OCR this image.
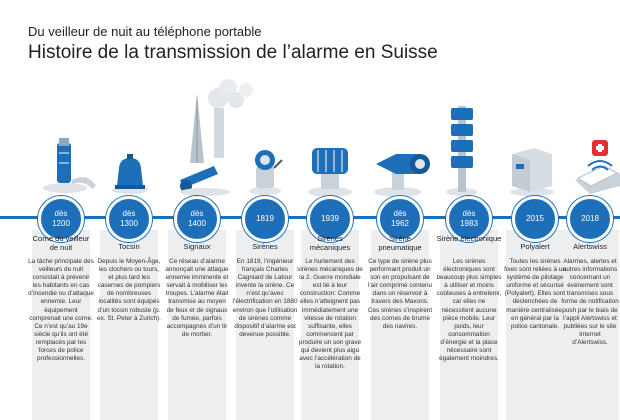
Du veilleur de nuit au téléphone portable
Histoire de la transmission de l’alarme en Suisse
dès
1200
Corne du veilleur de nuit
La tâche principale des veilleurs de nuit consistait à prévenir les habitants en cas d’incendie ou d’attaque ennemie. Leur équipement comprenait une corne. Ce n’est qu’au 19e siècle qu’ils ont été remplacés par les forces de police professionnelles.
dès
1300
Tocsin
Depuis le Moyen-Âge, les clochers ou tours, et plus tard les casernes de pompiers de nombreuses localités sont équipés d’un tocsin robuste (p. ex. St. Peter à Zurich).
dès
1400
Signaux
Ce réseau d’alarme annonçait une attaque ennemie imminente et servait à mobiliser les troupes. L’alarme était transmise au moyen de feux et de signaux de fumée, parfois accompagnés d’un tir de mortier.
1819
Sirènes
En 1819, l’ingénieur français Charles Cagniard de Latour invente la sirène. Ce n’est qu’avec l’électrification en 1880 environ que l’utilisation de sirènes comme dispositif d’alarme est devenue possible.
1939
Sirènes mécaniques
Le hurlement des sirènes mécaniques de la 2. Guerre mondiale est lié à leur construction: Comme elles n’atteignent pas immédiatement une vitesse de rotation suffisante, elles commencent par produire un son grave qui devient plus aigu avec l’accélération de la rotation.
dès
1962
Sirène pneumatique
Ce type de sirène plus performant produit un son en propulsant de l’air comprimé contenu dans un réservoir à travers des Maxons. Ces sirènes s’inspirent des cornes de brume des navires.
dès
1983
Sirène électronique
Les sirènes électroniques sont beaucoup plus simples à utiliser et moins coûteuses à entretenir, car elles ne nécessitent aucune pièce mobile. Leur poids, leur consommation d’énergie et la place nécessaire sont également moindres.
2015
Polyalert
Toutes les sirènes fixes sont reliées à un système de pilotage uniforme et sécurisé (Polyalert). Elles sont déclenchées de manière centralisée, en général par la police cantonale.
2018
Alertswiss
Alarmes, alertes et autres informations concernant un événement sont transmises sous forme de notification push par le biais de l’appli Alertswiss et publiées sur le site Internet d’Alertswiss.
